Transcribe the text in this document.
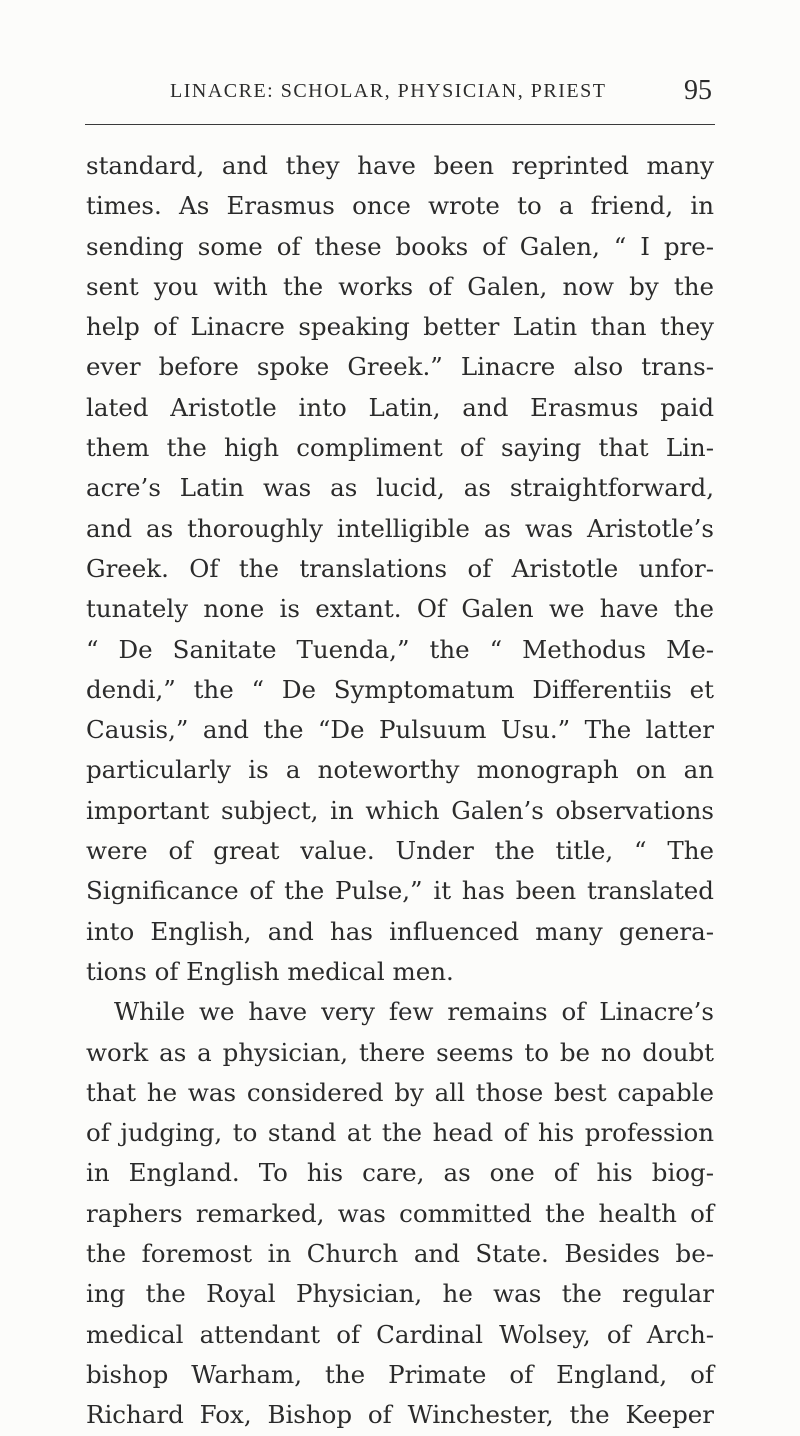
LINACRE: SCHOLAR, PHYSICIAN, PRIEST	95
standard, and they have been reprinted many
times. As Erasmus once wrote to a friend, in
sending some of these books of Galen, “ I pre-
sent you with the works of Galen, now by the
help of Linacre speaking better Latin than they
ever before spoke Greek.” Linacre also trans-
lated Aristotle into Latin, and Erasmus paid
them the high compliment of saying that Lin-
acre’s Latin was as lucid, as straightforward,
and as thoroughly intelligible as was Aristotle’s
Greek. Of the translations of Aristotle unfor-
tunately none is extant. Of Galen we have the
“ De Sanitate Tuenda,” the “ Methodus Me-
dendi,” the “ De Symptomatum Differentiis et
Causis,” and the “De Pulsuum Usu.” The latter
particularly is a noteworthy monograph on an
important subject, in which Galen’s observations
were of great value. Under the title, “ The
Significance of the Pulse,” it has been translated
into English, and has influenced many genera-
tions of English medical men.
While we have very few remains of Linacre’s
work as a physician, there seems to be no doubt
that he was considered by all those best capable
of judging, to stand at the head of his profession
in England. To his care, as one of his biog-
raphers remarked, was committed the health of
the foremost in Church and State. Besides be-
ing the Royal Physician, he was the regular
medical attendant of Cardinal Wolsey, of Arch-
bishop Warham, the Primate of England, of
Richard Fox, Bishop of Winchester, the Keeper
